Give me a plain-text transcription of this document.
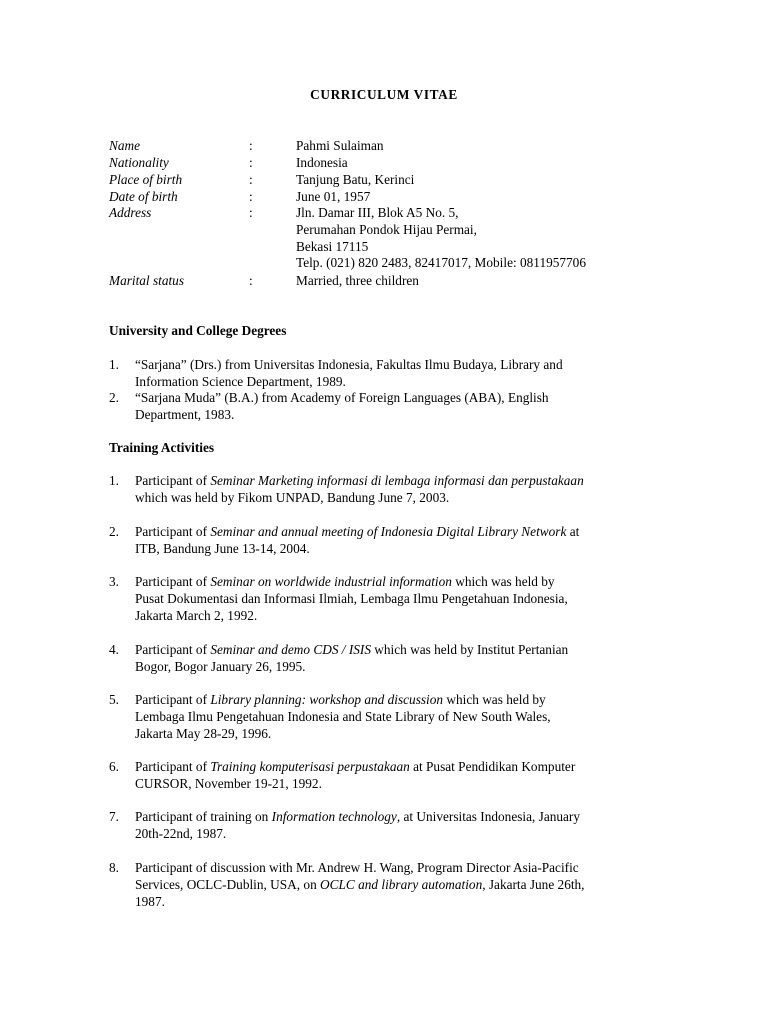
CURRICULUM VITAE
Name	:	Pahmi Sulaiman
Nationality	:	Indonesia
Place of birth	:	Tanjung Batu, Kerinci
Date of birth	:	June 01, 1957
Address	:	Jln. Damar III, Blok A5 No. 5,
Perumahan Pondok Hijau Permai,
Bekasi 17115
Telp. (021) 820 2483, 82417017, Mobile: 0811957706
Marital status	:	Married, three children
University and College Degrees
1. “Sarjana” (Drs.) from Universitas Indonesia, Fakultas Ilmu Budaya, Library and
Information Science Department, 1989.
2. “Sarjana Muda” (B.A.) from Academy of Foreign Languages (ABA), English
Department, 1983.
Training Activities
1. Participant of Seminar Marketing informasi di lembaga informasi dan perpustakaan
which was held by Fikom UNPAD, Bandung June 7, 2003.
2. Participant of Seminar and annual meeting of Indonesia Digital Library Network at
ITB, Bandung June 13-14, 2004.
3. Participant of Seminar on worldwide industrial information which was held by
Pusat Dokumentasi dan Informasi Ilmiah, Lembaga Ilmu Pengetahuan Indonesia,
Jakarta March 2, 1992.
4. Participant of Seminar and demo CDS / ISIS which was held by Institut Pertanian
Bogor, Bogor January 26, 1995.
5. Participant of Library planning: workshop and discussion which was held by
Lembaga Ilmu Pengetahuan Indonesia and State Library of New South Wales,
Jakarta May 28-29, 1996.
6. Participant of Training komputerisasi perpustakaan at Pusat Pendidikan Komputer
CURSOR, November 19-21, 1992.
7. Participant of training on Information technology, at Universitas Indonesia, January
20th-22nd, 1987.
8. Participant of discussion with Mr. Andrew H. Wang, Program Director Asia-Pacific
Services, OCLC-Dublin, USA, on OCLC and library automation, Jakarta June 26th,
1987.
